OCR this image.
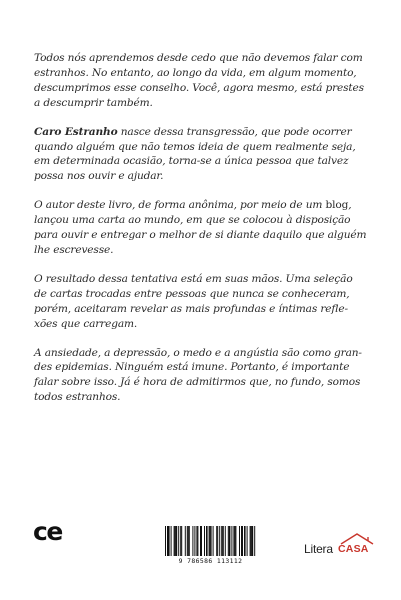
Todos nós aprendemos desde cedo que não devemos falar com
estranhos. No entanto, ao longo da vida, em algum momento,
descumprimos esse conselho. Você, agora mesmo, está prestes
a descumprir também.

Caro Estranho nasce dessa transgressão, que pode ocorrer
quando alguém que não temos ideia de quem realmente seja,
em determinada ocasião, torna-se a única pessoa que talvez
possa nos ouvir e ajudar.

O autor deste livro, de forma anônima, por meio de um blog,
lançou uma carta ao mundo, em que se colocou à disposição
para ouvir e entregar o melhor de si diante daquilo que alguém
lhe escrevesse.

O resultado dessa tentativa está em suas mãos. Uma seleção
de cartas trocadas entre pessoas que nunca se conheceram,
porém, aceitaram revelar as mais profundas e íntimas refle-
xões que carregam.

A ansiedade, a depressão, o medo e a angústia são como gran-
des epidemias. Ninguém está imune. Portanto, é importante
falar sobre isso. Já é hora de admitirmos que, no fundo, somos
todos estranhos.

ce
9 786586 113112
Litera CASA
